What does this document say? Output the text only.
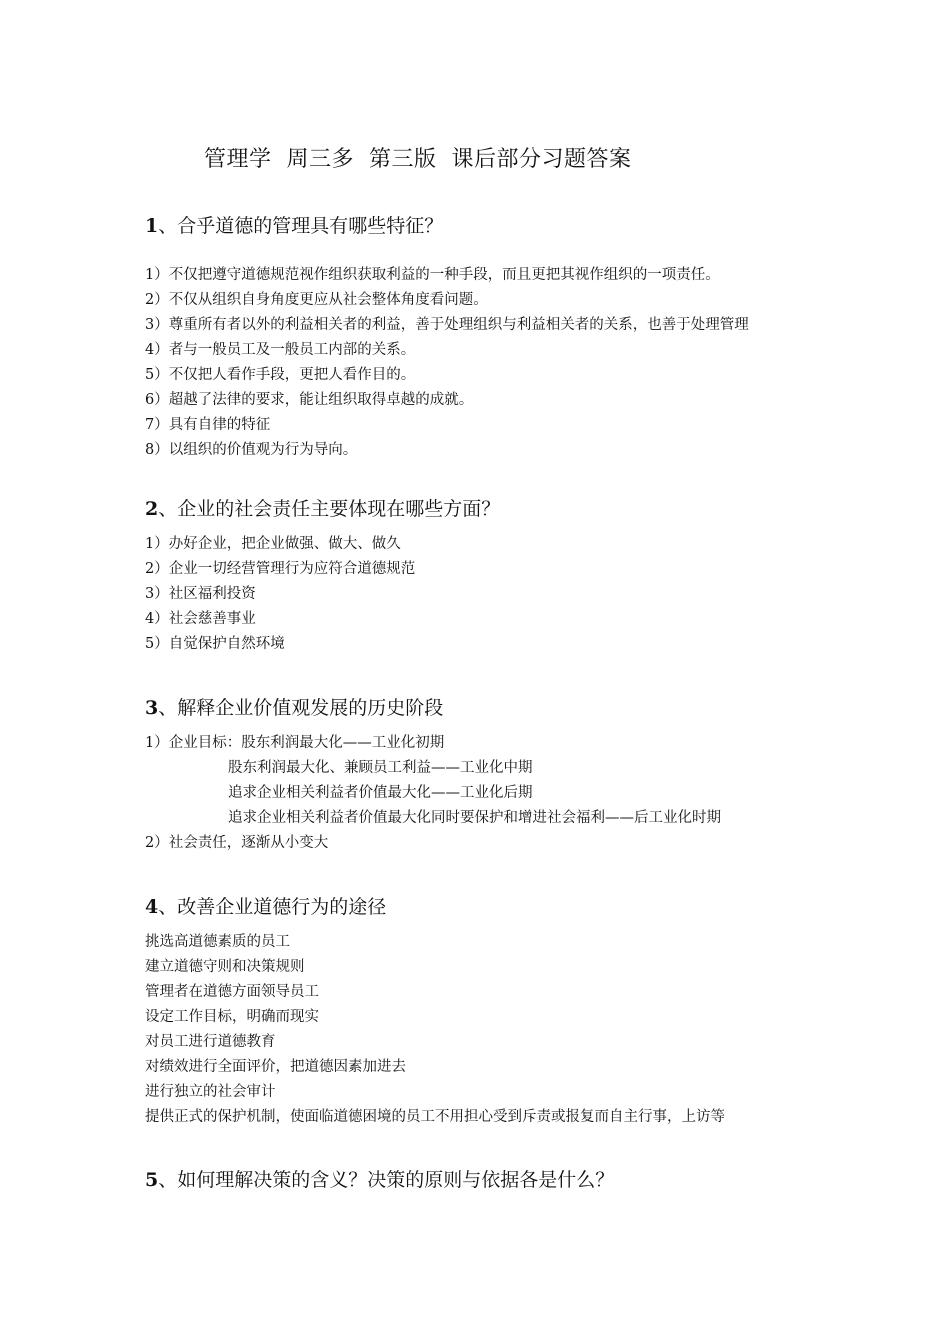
管理学  周三多  第三版  课后部分习题答案
1、合乎道德的管理具有哪些特征？
1）不仅把遵守道德规范视作组织获取利益的一种手段，而且更把其视作组织的一项责任。
2）不仅从组织自身角度更应从社会整体角度看问题。
3）尊重所有者以外的利益相关者的利益，善于处理组织与利益相关者的关系，也善于处理管理
4）者与一般员工及一般员工内部的关系。
5）不仅把人看作手段，更把人看作目的。
6）超越了法律的要求，能让组织取得卓越的成就。
7）具有自律的特征
8）以组织的价值观为行为导向。
2、企业的社会责任主要体现在哪些方面？
1）办好企业，把企业做强、做大、做久
2）企业一切经营管理行为应符合道德规范
3）社区福利投资
4）社会慈善事业
5）自觉保护自然环境
3、解释企业价值观发展的历史阶段
1）企业目标：股东利润最大化——工业化初期
股东利润最大化、兼顾员工利益——工业化中期
追求企业相关利益者价值最大化——工业化后期
追求企业相关利益者价值最大化同时要保护和增进社会福利——后工业化时期
2）社会责任，逐渐从小变大
4、改善企业道德行为的途径
挑选高道德素质的员工
建立道德守则和决策规则
管理者在道德方面领导员工
设定工作目标，明确而现实
对员工进行道德教育
对绩效进行全面评价，把道德因素加进去
进行独立的社会审计
提供正式的保护机制，使面临道德困境的员工不用担心受到斥责或报复而自主行事，上访等
5、如何理解决策的含义？决策的原则与依据各是什么？
